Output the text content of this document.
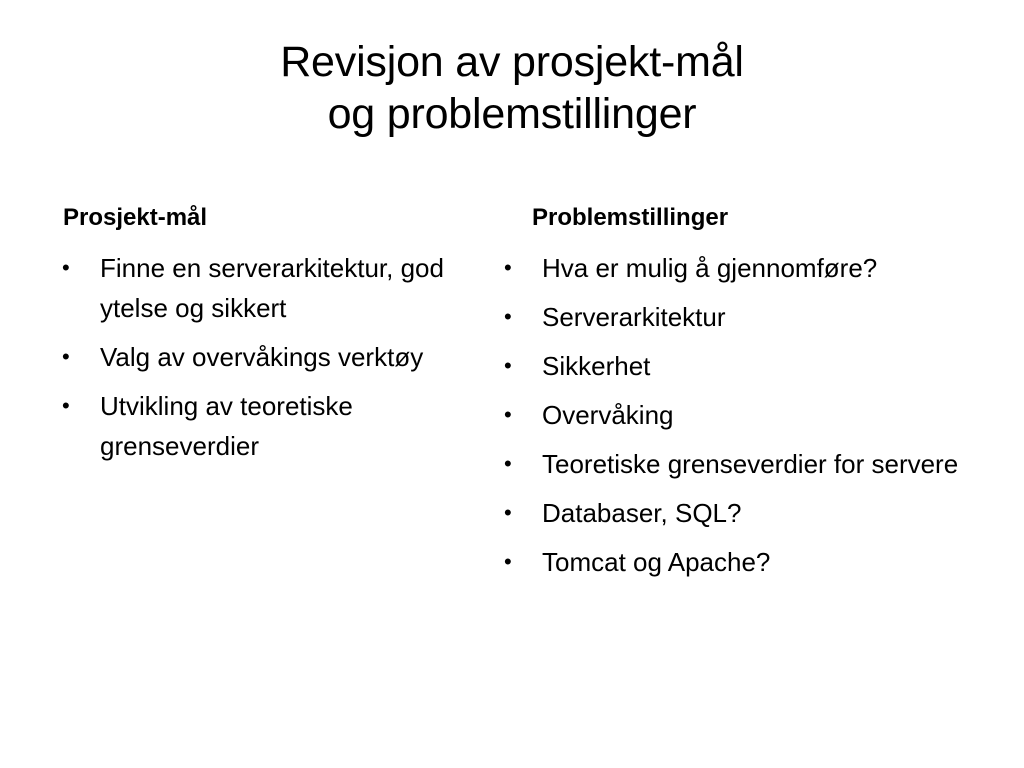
Revisjon av prosjekt-mål
og problemstillinger
Prosjekt-mål
• Finne en serverarkitektur, god ytelse og sikkert
• Valg av overvåkings verktøy
• Utvikling av teoretiske grenseverdier
Problemstillinger
• Hva er mulig å gjennomføre?
• Serverarkitektur
• Sikkerhet
• Overvåking
• Teoretiske grenseverdier for servere
• Databaser, SQL?
• Tomcat og Apache?
